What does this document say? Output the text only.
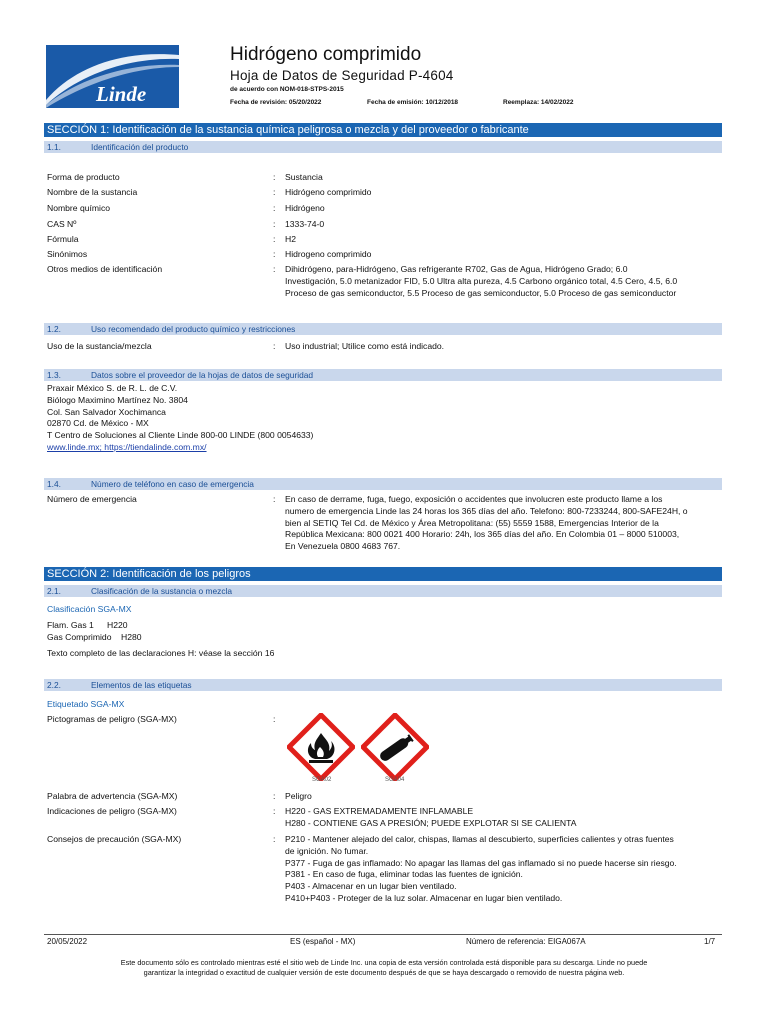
Linde
Hidrógeno comprimido
Hoja de Datos de Seguridad P-4604
de acuerdo con NOM-018-STPS-2015
Fecha de revisión: 05/20/2022	Fecha de emisión: 10/12/2018	Reemplaza: 14/02/2022
SECCIÓN 1: Identificación de la sustancia química peligrosa o mezcla y del proveedor o fabricante
1.1.	Identificación del producto
Forma de producto	: Sustancia
Nombre de la sustancia	: Hidrógeno comprimido
Nombre químico	: Hidrógeno
CAS Nº	: 1333-74-0
Fórmula	: H2
Sinónimos	: Hidrogeno comprimido
Otros medios de identificación	: Dihidrógeno, para-Hidrógeno, Gas refrigerante R702, Gas de Agua, Hidrógeno Grado; 6.0
Investigación, 5.0 metanizador FID, 5.0 Ultra alta pureza, 4.5 Carbono orgánico total, 4.5 Cero, 4.5, 6.0
Proceso de gas semiconductor, 5.5 Proceso de gas semiconductor, 5.0 Proceso de gas semiconductor
1.2.	Uso recomendado del producto químico y restricciones
Uso de la sustancia/mezcla	: Uso industrial; Utilice como está indicado.
1.3.	Datos sobre el proveedor de la hojas de datos de seguridad
Praxair México S. de R. L. de C.V.
Biólogo Maximino Martínez No. 3804
Col. San Salvador Xochimanca
02870 Cd. de México - MX
T Centro de Soluciones al Cliente Linde 800-00 LINDE (800 0054633)
www.linde.mx; https://tiendalinde.com.mx/
1.4.	Número de teléfono en caso de emergencia
Número de emergencia	: En caso de derrame, fuga, fuego, exposición o accidentes que involucren este producto llame a los
numero de emergencia Linde las 24 horas los 365 días del año. Telefono: 800-7233244, 800-SAFE24H, o
bien al SETIQ Tel Cd. de México y Área Metropolitana: (55) 5559 1588, Emergencias Interior de la
República Mexicana: 800 0021 400 Horario: 24h, los 365 días del año. En Colombia 01 – 8000 510003,
En Venezuela 0800 4683 767.
SECCIÓN 2: Identificación de los peligros
2.1.	Clasificación de la sustancia o mezcla
Clasificación SGA-MX
Flam. Gas 1 H220
Gas Comprimido H280
Texto completo de las declaraciones H: véase la sección 16
2.2.	Elementos de las etiquetas
Etiquetado SGA-MX
Pictogramas de peligro (SGA-MX)	:
SGA02	SGA04
Palabra de advertencia (SGA-MX)	: Peligro
Indicaciones de peligro (SGA-MX)	: H220 - GAS EXTREMADAMENTE INFLAMABLE
H280 - CONTIENE GAS A PRESIÓN; PUEDE EXPLOTAR SI SE CALIENTA
Consejos de precaución (SGA-MX)	: P210 - Mantener alejado del calor, chispas, llamas al descubierto, superficies calientes y otras fuentes
de ignición. No fumar.
P377 - Fuga de gas inflamado: No apagar las llamas del gas inflamado si no puede hacerse sin riesgo.
P381 - En caso de fuga, eliminar todas las fuentes de ignición.
P403 - Almacenar en un lugar bien ventilado.
P410+P403 - Proteger de la luz solar. Almacenar en lugar bien ventilado.
20/05/2022	ES (español - MX)	Número de referencia: EIGA067A	1/7
Este documento sólo es controlado mientras esté el sitio web de Linde Inc. una copia de esta versión controlada está disponible para su descarga. Linde no puede
garantizar la integridad o exactitud de cualquier versión de este documento después de que se haya descargado o removido de nuestra página web.
